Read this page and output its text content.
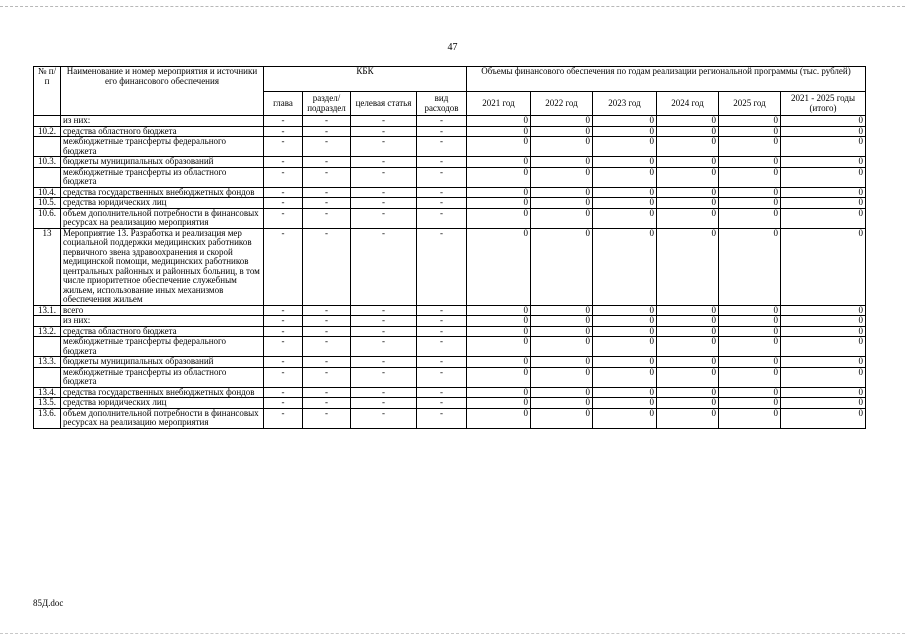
47
№ п/п	Наименование и номер мероприятия и источники его финансового обеспечения	КБК				Объемы финансового обеспечения по годам реализации региональной программы (тыс. рублей)					
		глава	раздел/ подраздел	целевая статья	вид расходов	2021 год	2022 год	2023 год	2024 год	2025 год	2021 - 2025 годы (итого)
	из них:	-	-	-	-	0	0	0	0	0	0
10.2.	средства областного бюджета	-	-	-	-	0	0	0	0	0	0
	межбюджетные трансферты федерального бюджета	-	-	-	-	0	0	0	0	0	0
10.3.	бюджеты муниципальных образований	-	-	-	-	0	0	0	0	0	0
	межбюджетные трансферты из областного бюджета	-	-	-	-	0	0	0	0	0	0
10.4.	средства государственных внебюджетных фондов	-	-	-	-	0	0	0	0	0	0
10.5.	средства юридических лиц	-	-	-	-	0	0	0	0	0	0
10.6.	объем дополнительной потребности в финансовых ресурсах на реализацию мероприятия	-	-	-	-	0	0	0	0	0	0
13	Мероприятие 13. Разработка и реализация мер социальной поддержки медицинских работников первичного звена здравоохранения и скорой медицинской помощи, медицинских работников центральных районных и районных больниц, в том числе приоритетное обеспечение служебным жильем, использование иных механизмов обеспечения жильем	-	-	-	-	0	0	0	0	0	0
13.1.	всего	-	-	-	-	0	0	0	0	0	0
	из них:	-	-	-	-	0	0	0	0	0	0
13.2.	средства областного бюджета	-	-	-	-	0	0	0	0	0	0
	межбюджетные трансферты федерального бюджета	-	-	-	-	0	0	0	0	0	0
13.3.	бюджеты муниципальных образований	-	-	-	-	0	0	0	0	0	0
	межбюджетные трансферты из областного бюджета	-	-	-	-	0	0	0	0	0	0
13.4.	средства государственных внебюджетных фондов	-	-	-	-	0	0	0	0	0	0
13.5.	средства юридических лиц	-	-	-	-	0	0	0	0	0	0
13.6.	объем дополнительной потребности в финансовых ресурсах на реализацию мероприятия	-	-	-	-	0	0	0	0	0	0
85Д.doc
